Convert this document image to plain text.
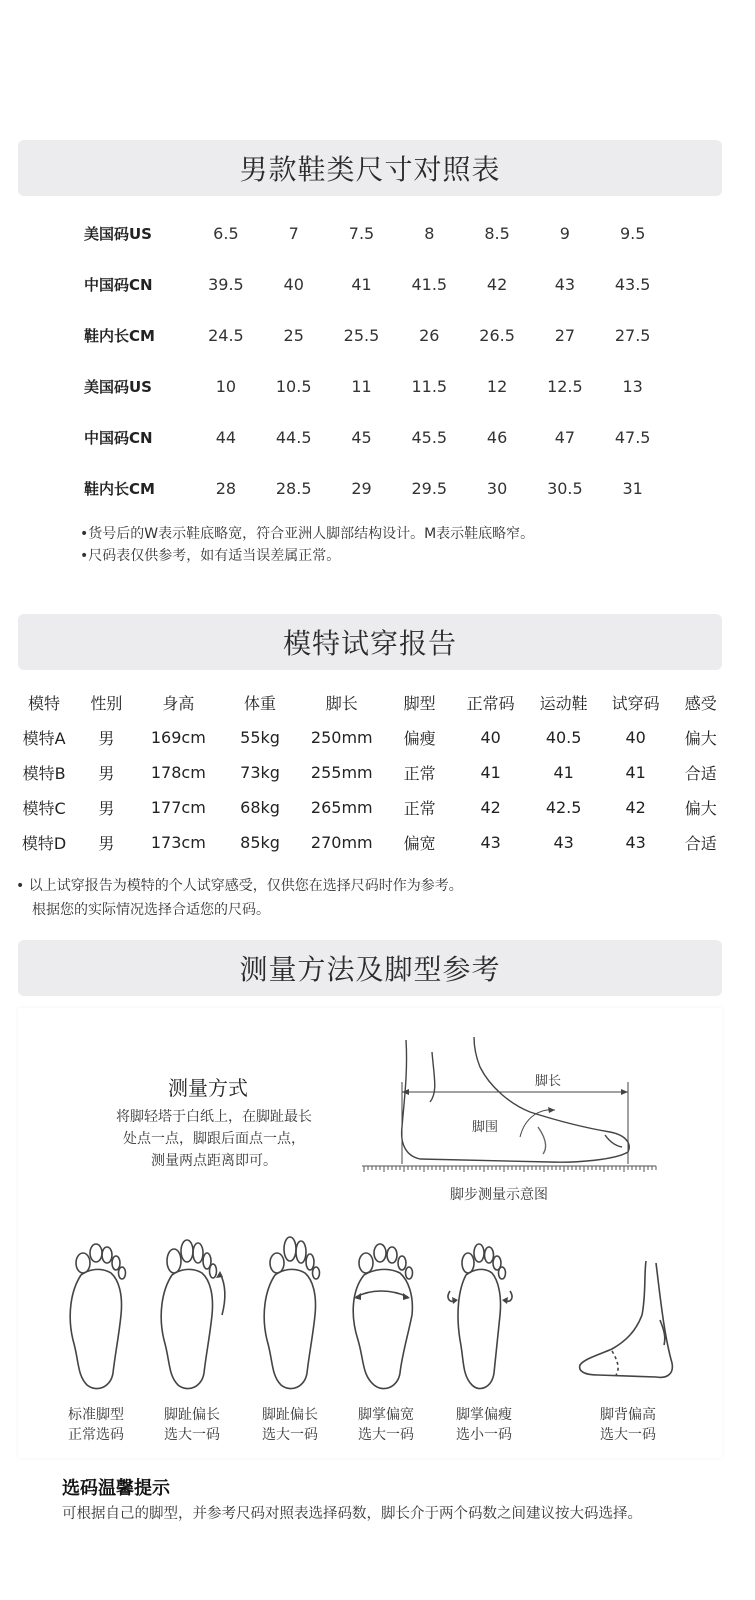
男款鞋类尺寸对照表
美国码US	6.5	7	7.5	8	8.5	9	9.5
中国码CN	39.5	40	41	41.5	42	43	43.5
鞋内长CM	24.5	25	25.5	26	26.5	27	27.5
美国码US	10	10.5	11	11.5	12	12.5	13
中国码CN	44	44.5	45	45.5	46	47	47.5
鞋内长CM	28	28.5	29	29.5	30	30.5	31
•货号后的W表示鞋底略宽，符合亚洲人脚部结构设计。M表示鞋底略窄。
•尺码表仅供参考，如有适当误差属正常。
模特试穿报告
模特	性别	身高	体重	脚长	脚型	正常码	运动鞋	试穿码	感受
模特A	男	169cm	55kg	250mm	偏瘦	40	40.5	40	偏大
模特B	男	178cm	73kg	255mm	正常	41	41	41	合适
模特C	男	177cm	68kg	265mm	正常	42	42.5	42	偏大
模特D	男	173cm	85kg	270mm	偏宽	43	43	43	合适
• 以上试穿报告为模特的个人试穿感受，仅供您在选择尺码时作为参考。
根据您的实际情况选择合适您的尺码。
测量方法及脚型参考
测量方式
将脚轻塔于白纸上，在脚趾最长
处点一点，脚跟后面点一点，
测量两点距离即可。
脚长
脚围
脚步测量示意图
标准脚型
正常选码
脚趾偏长
选大一码
脚趾偏长
选大一码
脚掌偏宽
选大一码
脚掌偏瘦
选小一码
脚背偏高
选大一码
选码温馨提示
可根据自己的脚型，并参考尺码对照表选择码数，脚长介于两个码数之间建议按大码选择。
